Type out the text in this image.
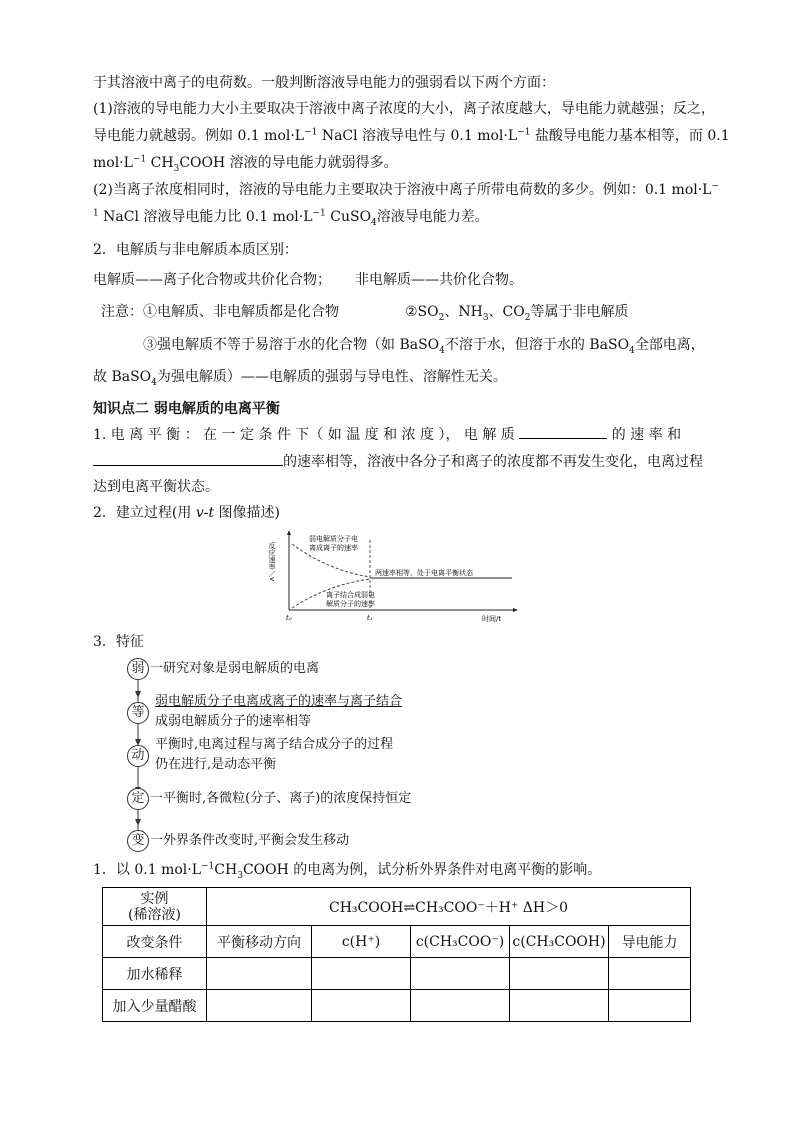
于其溶液中离子的电荷数。一般判断溶液导电能力的强弱看以下两个方面：
(1)溶液的导电能力大小主要取决于溶液中离子浓度的大小，离子浓度越大，导电能力就越强；反之，
导电能力就越弱。例如 0.1 $mol\cdot L^{-1}$ NaCl 溶液导电性与 0.1 $mol\cdot L^{-1}$ 盐酸导电能力基本相等，而 0.1
$mol\cdot L^{-1}$ $CH_3COOH$ 溶液的导电能力就弱得多。
(2)当离子浓度相同时，溶液的导电能力主要取决于溶液中离子所带电荷数的多少。例如：0.1 mol·L−
$^1$ NaCl 溶液导电能力比 0.1 $mol\cdot L^{-1}$ CuSO$_4$溶液导电能力差。
2．电解质与非电解质本质区别：
电解质——离子化合物或共价化合物； 非电解质——共价化合物。
注意：①电解质、非电解质都是化合物	$②SO_2$、$NH_3$、$CO_2$等属于非电解质
③强电解质不等于易溶于水的化合物（如 BaSO$_4$不溶于水，但溶于水的 BaSO$_4$全部电离，
故 BaSO$_4$为强电解质）——电解质的强弱与导电性、溶解性无关。
知识点二 弱电解质的电离平衡
1. 电 离 平 衡 ： 在 一 定 条 件 下（ 如 温 度 和 浓 度 ）， 电 解 质	的 速 率 和
的速率相等，溶液中各分子和离子的浓度都不再发生变化，电离过程
达到电离平衡状态。
2．建立过程(用 v-t 图像描述)
反应速率／v
弱电解质分子电离成离子的速率
两速率相等，处于电离平衡状态
离子结合成弱电解质分子的速率
t₀	t₁	时间/t
3．特征
弱 一研究对象是弱电解质的电离
等
弱电解质分子电离成离子的速率与离子结合
成弱电解质分子的速率相等
动
平衡时,电离过程与离子结合成分子的过程
仍在进行,是动态平衡
定 一平衡时,各微粒(分子、离子)的浓度保持恒定
变 一外界条件改变时,平衡会发生移动
1．以 0.1 $mol\cdot L^{-1}CH_3COOH$ 的电离为例，试分析外界条件对电离平衡的影响。
实例
(稀溶液)	CH₃COOH⇌CH₃COO⁻＋H⁺ ΔH＞0				
改变条件	平衡移动方向	c(H⁺)	c(CH₃COO⁻)	c(CH₃COOH)	导电能力
加水稀释					
加入少量醋酸					
